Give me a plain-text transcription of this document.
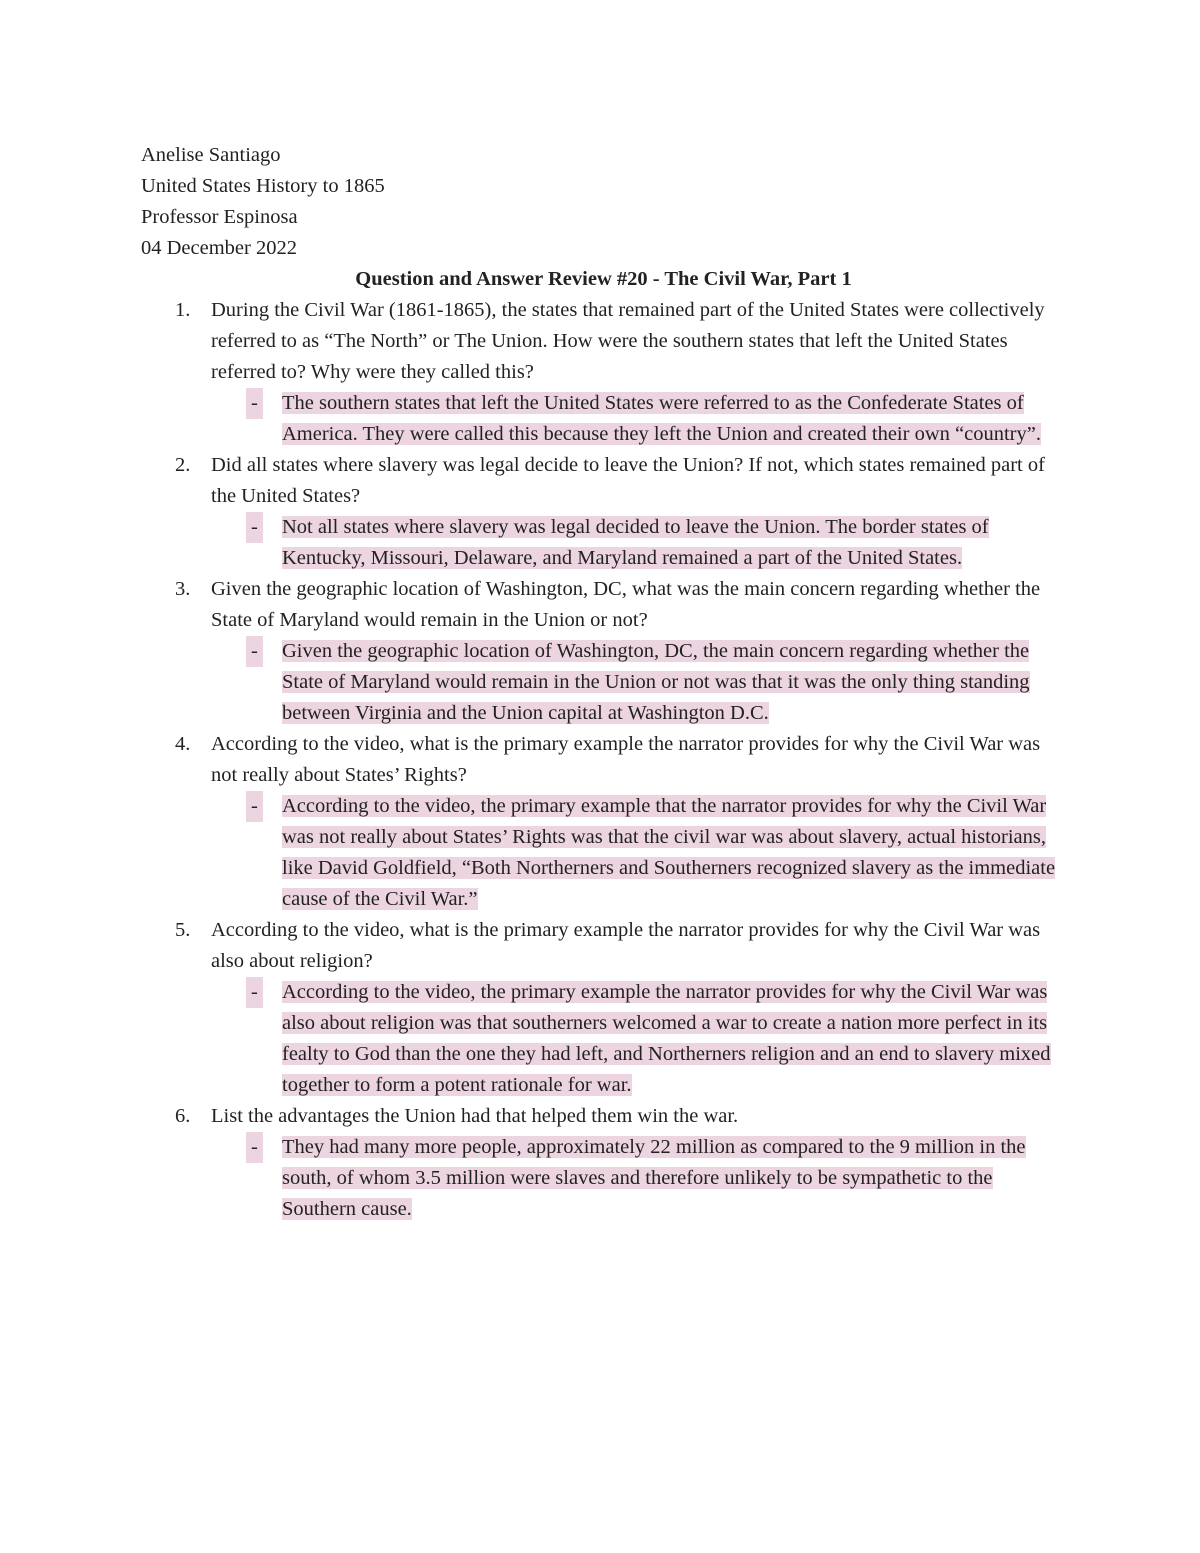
Anelise Santiago

United States History to 1865

Professor Espinosa

04 December 2022

Question and Answer Review #20 - The Civil War, Part 1

1. During the Civil War (1861-1865), the states that remained part of the United States were collectively referred to as “The North” or The Union. How were the southern states that left the United States referred to? Why were they called this?

- The southern states that left the United States were referred to as the Confederate States of America. They were called this because they left the Union and created their own “country”.
2. Did all states where slavery was legal decide to leave the Union? If not, which states remained part of the United States?

- Not all states where slavery was legal decided to leave the Union. The border states of Kentucky, Missouri, Delaware, and Maryland remained a part of the United States.
3. Given the geographic location of Washington, DC, what was the main concern regarding whether the State of Maryland would remain in the Union or not?

- Given the geographic location of Washington, DC, the main concern regarding whether the State of Maryland would remain in the Union or not was that it was the only thing standing between Virginia and the Union capital at Washington D.C.
4. According to the video, what is the primary example the narrator provides for why the Civil War was not really about States’ Rights?

- According to the video, the primary example that the narrator provides for why the Civil War was not really about States’ Rights was that the civil war was about slavery, actual historians, like David Goldfield, “Both Northerners and Southerners recognized slavery as the immediate cause of the Civil War.”
5. According to the video, what is the primary example the narrator provides for why the Civil War was also about religion?

- According to the video, the primary example the narrator provides for why the Civil War was also about religion was that southerners welcomed a war to create a nation more perfect in its fealty to God than the one they had left, and Northerners religion and an end to slavery mixed together to form a potent rationale for war.
6. List the advantages the Union had that helped them win the war.

- They had many more people, approximately 22 million as compared to the 9 million in the south, of whom 3.5 million were slaves and therefore unlikely to be sympathetic to the Southern cause.
